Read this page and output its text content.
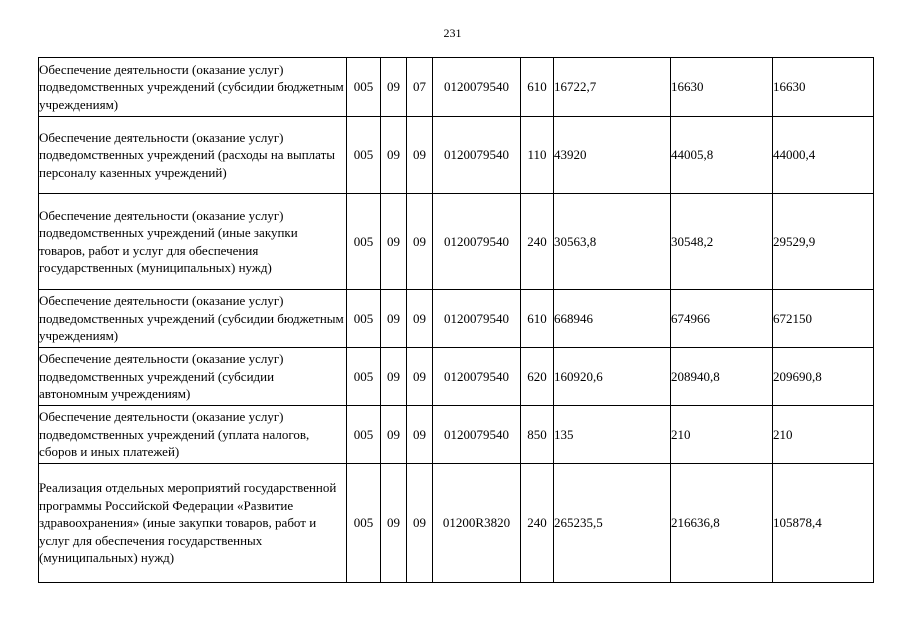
231
Обеспечение деятельности (оказание услуг) подведомственных учреждений (субсидии бюджетным учреждениям)	005	09	07	0120079540	610	16722,7	16630	16630
Обеспечение деятельности (оказание услуг) подведомственных учреждений (расходы на выплаты персоналу казенных учреждений)	005	09	09	0120079540	110	43920	44005,8	44000,4
Обеспечение деятельности (оказание услуг) подведомственных учреждений (иные закупки товаров, работ и услуг для обеспечения государственных (муниципальных) нужд)	005	09	09	0120079540	240	30563,8	30548,2	29529,9
Обеспечение деятельности (оказание услуг) подведомственных учреждений (субсидии бюджетным учреждениям)	005	09	09	0120079540	610	668946	674966	672150
Обеспечение деятельности (оказание услуг) подведомственных учреждений (субсидии автономным учреждениям)	005	09	09	0120079540	620	160920,6	208940,8	209690,8
Обеспечение деятельности (оказание услуг) подведомственных учреждений (уплата налогов, сборов и иных платежей)	005	09	09	0120079540	850	135	210	210
Реализация отдельных мероприятий государственной программы Российской Федерации «Развитие здравоохранения» (иные закупки товаров, работ и услуг для обеспечения государственных (муниципальных) нужд)	005	09	09	01200R3820	240	265235,5	216636,8	105878,4
